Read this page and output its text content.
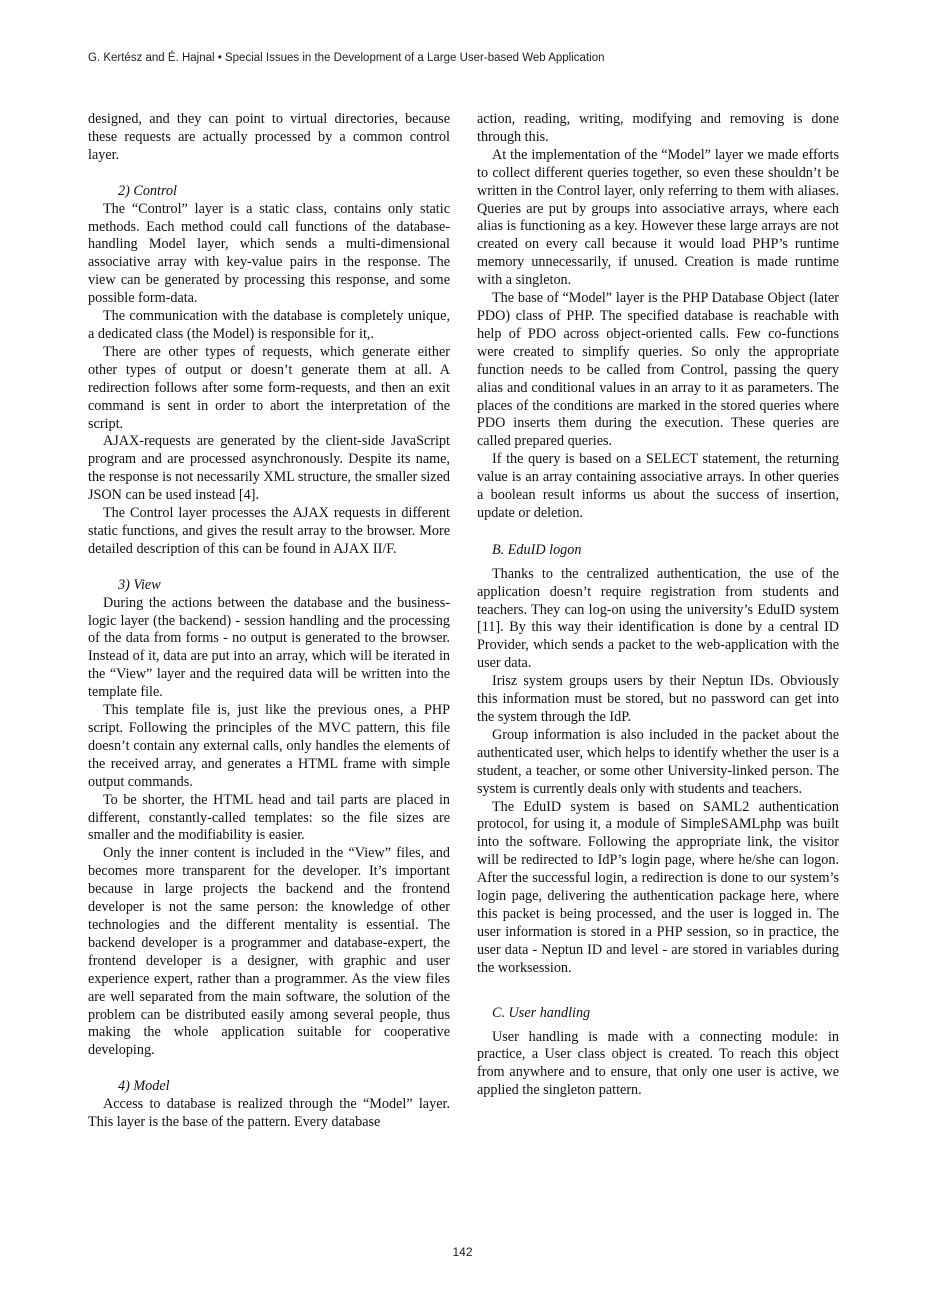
G. Kertész and É. Hajnal • Special Issues in the Development of a Large User-based Web Application

designed, and they can point to virtual directories, because these requests are actually processed by a common control layer.

2) Control

The “Control” layer is a static class, contains only static methods. Each method could call functions of the database-handling Model layer, which sends a multi-dimensional associative array with key-value pairs in the response. The view can be generated by processing this response, and some possible form-data.

The communication with the database is completely unique, a dedicated class (the Model) is responsible for it,.

There are other types of requests, which generate either other types of output or doesn’t generate them at all. A redirection follows after some form-requests, and then an exit command is sent in order to abort the interpretation of the script.

AJAX-requests are generated by the client-side JavaScript program and are processed asynchronously. Despite its name, the response is not necessarily XML structure, the smaller sized JSON can be used instead [4].

The Control layer processes the AJAX requests in different static functions, and gives the result array to the browser. More detailed description of this can be found in AJAX II/F.

3) View

During the actions between the database and the business-logic layer (the backend) - session handling and the processing of the data from forms - no output is generated to the browser. Instead of it, data are put into an array, which will be iterated in the “View” layer and the required data will be written into the template file.

This template file is, just like the previous ones, a PHP script. Following the principles of the MVC pattern, this file doesn’t contain any external calls, only handles the elements of the received array, and generates a HTML frame with simple output commands.

To be shorter, the HTML head and tail parts are placed in different, constantly-called templates: so the file sizes are smaller and the modifiability is easier.

Only the inner content is included in the “View” files, and becomes more transparent for the developer. It’s important because in large projects the backend and the frontend developer is not the same person: the knowledge of other technologies and the different mentality is essential. The backend developer is a programmer and database-expert, the frontend developer is a designer, with graphic and user experience expert, rather than a programmer. As the view files are well separated from the main software, the solution of the problem can be distributed easily among several people, thus making the whole application suitable for cooperative developing.

4) Model

Access to database is realized through the “Model” layer. This layer is the base of the pattern. Every database

action, reading, writing, modifying and removing is done through this.

At the implementation of the “Model” layer we made efforts to collect different queries together, so even these shouldn’t be written in the Control layer, only referring to them with aliases. Queries are put by groups into associative arrays, where each alias is functioning as a key. However these large arrays are not created on every call because it would load PHP’s runtime memory unnecessarily, if unused. Creation is made runtime with a singleton.

The base of “Model” layer is the PHP Database Object (later PDO) class of PHP. The specified database is reachable with help of PDO across object-oriented calls. Few co-functions were created to simplify queries. So only the appropriate function needs to be called from Control, passing the query alias and conditional values in an array to it as parameters. The places of the conditions are marked in the stored queries where PDO inserts them during the execution. These queries are called prepared queries.

If the query is based on a SELECT statement, the returning value is an array containing associative arrays. In other queries a boolean result informs us about the success of insertion, update or deletion.

B. EduID logon

Thanks to the centralized authentication, the use of the application doesn’t require registration from students and teachers. They can log-on using the university’s EduID system [11]. By this way their identification is done by a central ID Provider, which sends a packet to the web-application with the user data.

Irisz system groups users by their Neptun IDs. Obviously this information must be stored, but no password can get into the system through the IdP.

Group information is also included in the packet about the authenticated user, which helps to identify whether the user is a student, a teacher, or some other University-linked person. The system is currently deals only with students and teachers.

The EduID system is based on SAML2 authentication protocol, for using it, a module of SimpleSAMLphp was built into the software. Following the appropriate link, the visitor will be redirected to IdP’s login page, where he/she can logon. After the successful login, a redirection is done to our system’s login page, delivering the authentication package here, where this packet is being processed, and the user is logged in. The user information is stored in a PHP session, so in practice, the user data - Neptun ID and level - are stored in variables during the worksession.

C. User handling

User handling is made with a connecting module: in practice, a User class object is created. To reach this object from anywhere and to ensure, that only one user is active, we applied the singleton pattern.

142
